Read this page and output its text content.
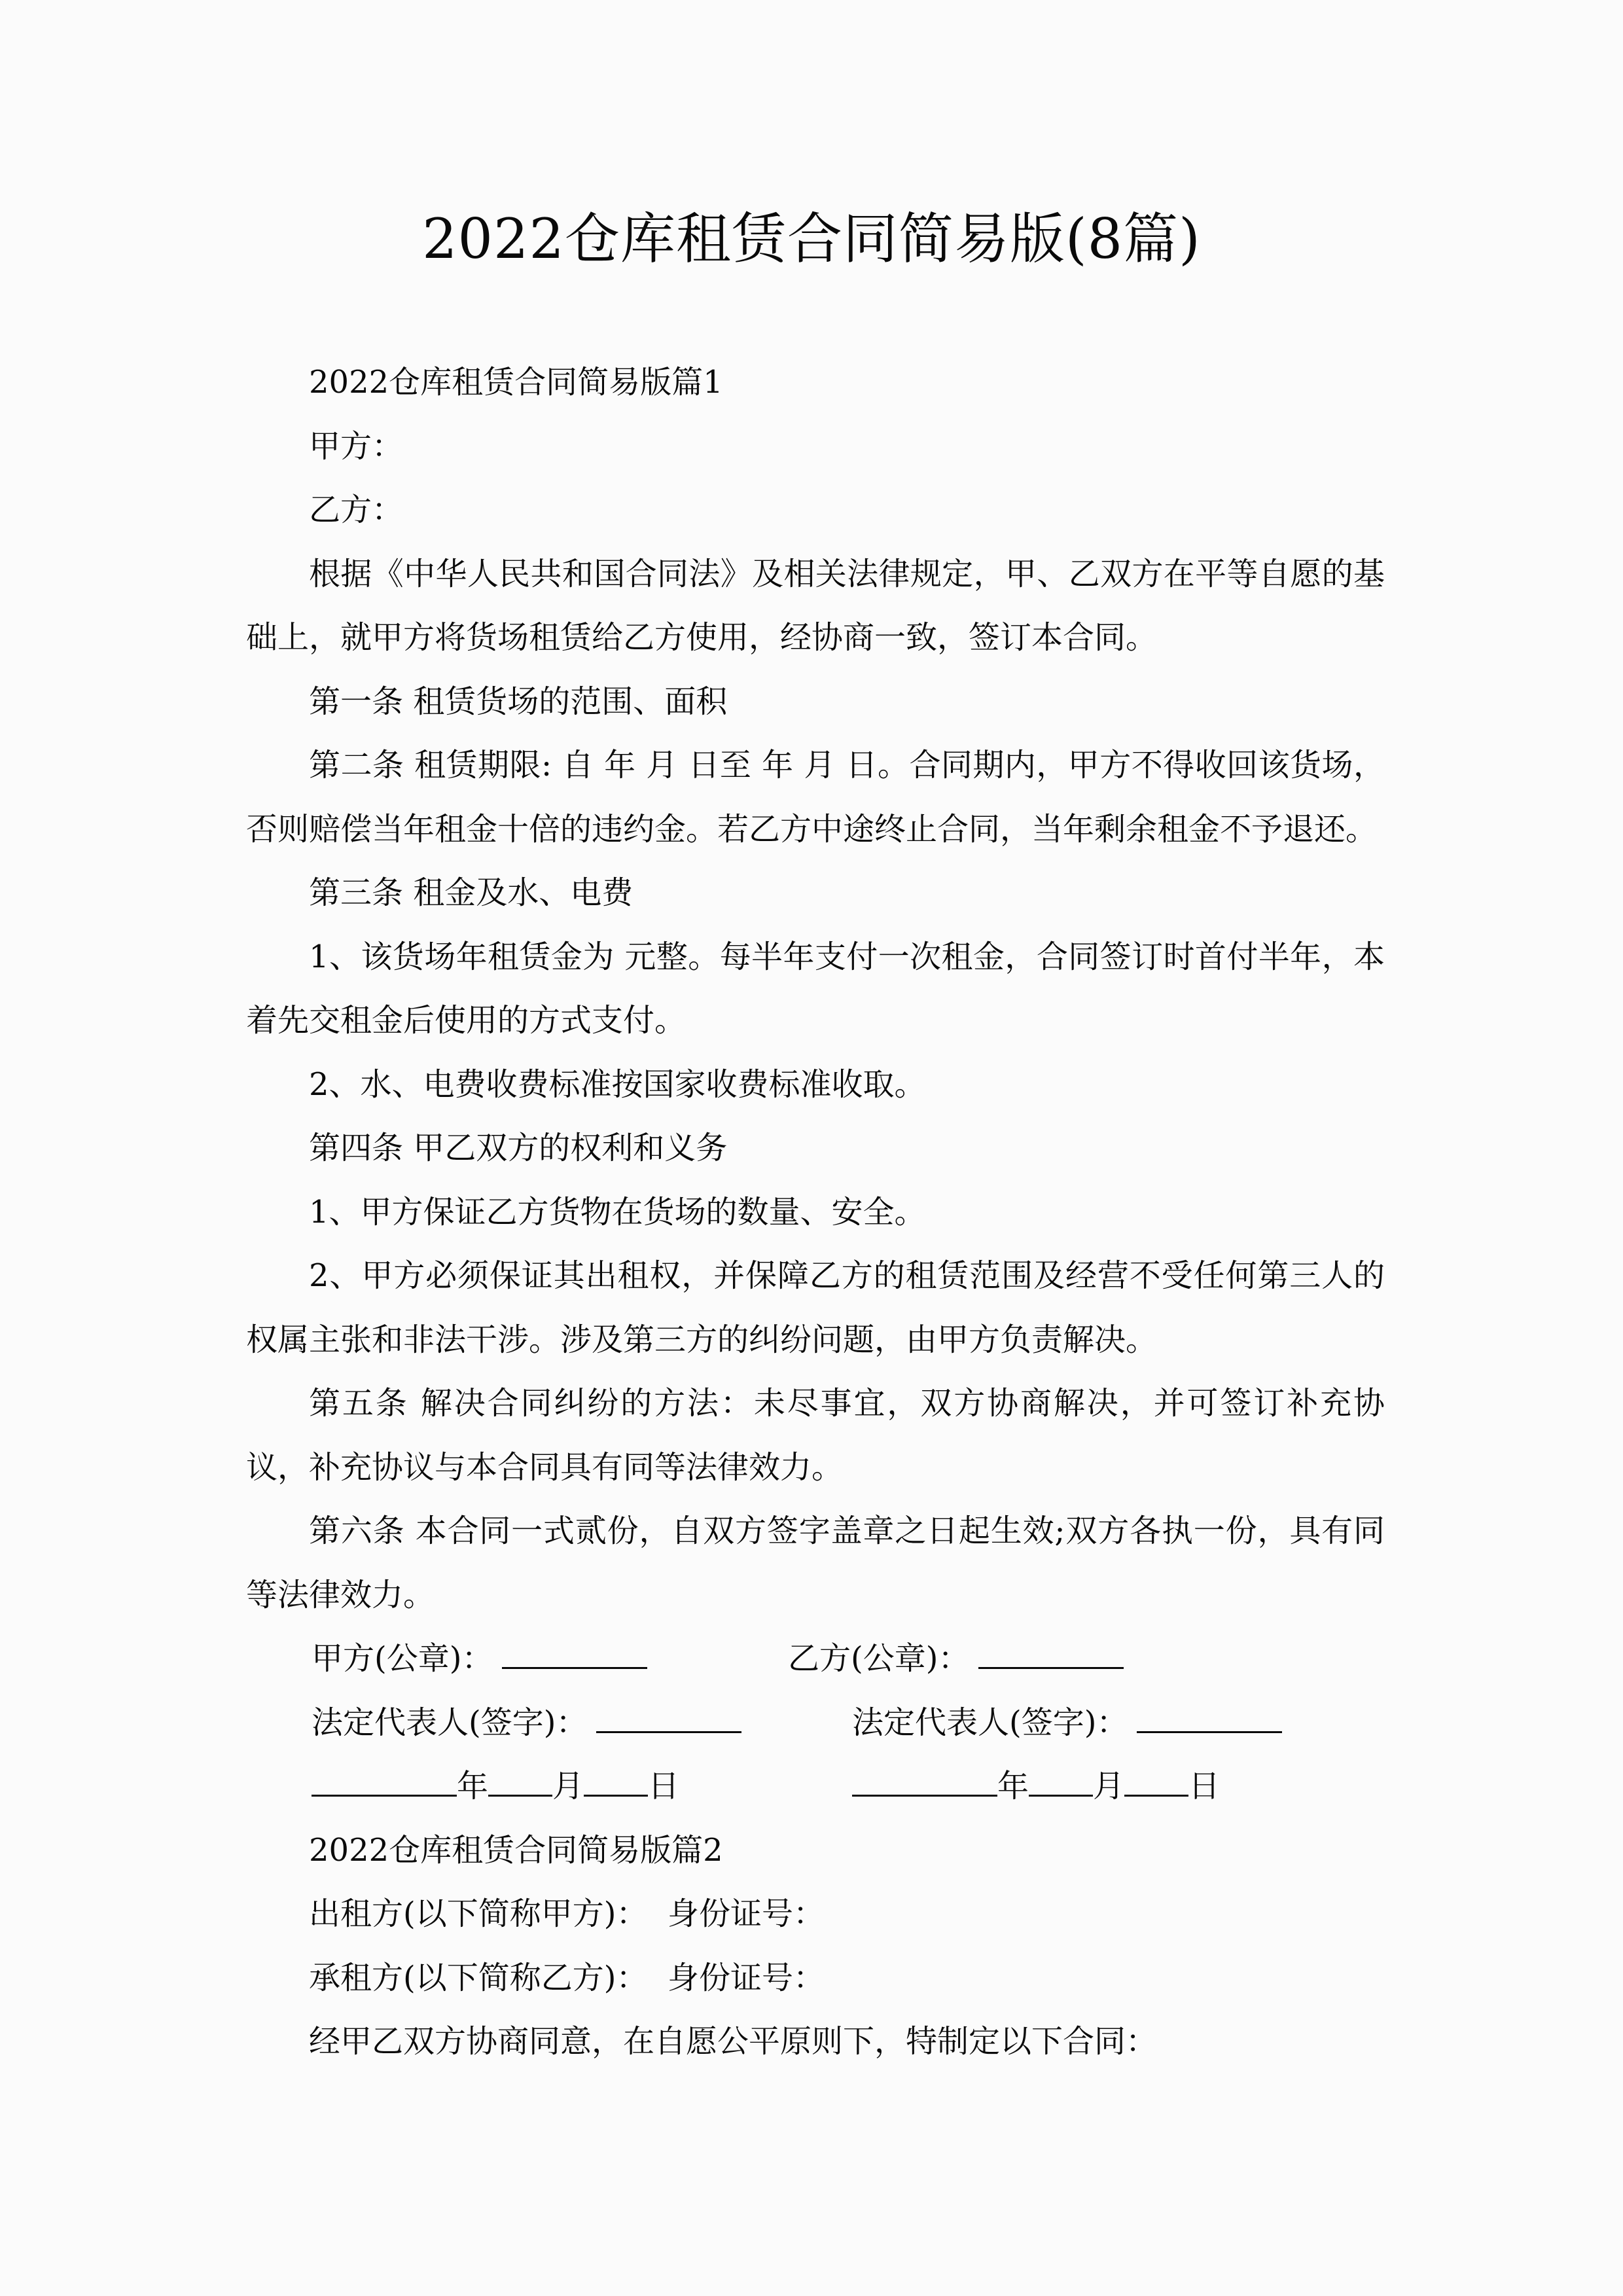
2022仓库租赁合同简易版(8篇)

2022仓库租赁合同简易版篇1

甲方：

乙方：

根据《中华人民共和国合同法》及相关法律规定，甲、乙双方在平等自愿的基础上，就甲方将货场租赁给乙方使用，经协商一致，签订本合同。

第一条 租赁货场的范围、面积

第二条 租赁期限: 自 年 月 日至 年 月 日。合同期内，甲方不得收回该货场，否则赔偿当年租金十倍的违约金。若乙方中途终止合同，当年剩余租金不予退还。

第三条 租金及水、电费

1、该货场年租赁金为 元整。每半年支付一次租金，合同签订时首付半年，本着先交租金后使用的方式支付。

2、水、电费收费标准按国家收费标准收取。

第四条 甲乙双方的权利和义务

1、甲方保证乙方货物在货场的数量、安全。

2、甲方必须保证其出租权，并保障乙方的租赁范围及经营不受任何第三人的权属主张和非法干涉。涉及第三方的纠纷问题，由甲方负责解决。

第五条 解决合同纠纷的方法：未尽事宜，双方协商解决，并可签订补充协议，补充协议与本合同具有同等法律效力。

第六条 本合同一式贰份，自双方签字盖章之日起生效;双方各执一份，具有同等法律效力。

甲方(公章)：	乙方(公章)：
法定代表人(签字)：	法定代表人(签字)：
年 月 日	年 月 日

2022仓库租赁合同简易版篇2

出租方(以下简称甲方)：  身份证号：

承租方(以下简称乙方)：  身份证号：

经甲乙双方协商同意，在自愿公平原则下，特制定以下合同：
